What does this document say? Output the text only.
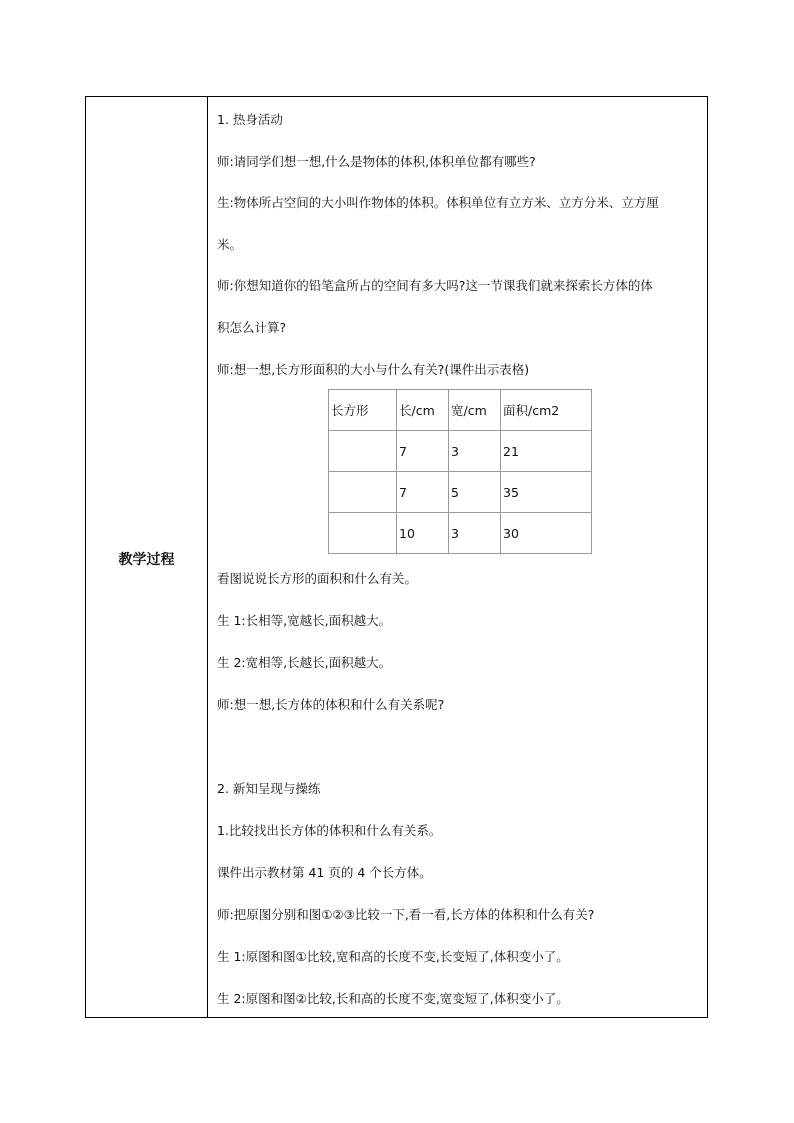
教学过程
1. 热身活动
师:请同学们想一想,什么是物体的体积,体积单位都有哪些?
生:物体所占空间的大小叫作物体的体积。体积单位有立方米、立方分米、立方厘
米。
师:你想知道你的铅笔盒所占的空间有多大吗?这一节课我们就来探索长方体的体
积怎么计算?
师:想一想,长方形面积的大小与什么有关?(课件出示表格)
长方形	长/cm	宽/cm	面积/cm2
	7	3	21
	7	5	35
	10	3	30
看图说说长方形的面积和什么有关。
生 1:长相等,宽越长,面积越大。
生 2:宽相等,长越长,面积越大。
师:想一想,长方体的体积和什么有关系呢?
2. 新知呈现与操练
1.比较找出长方体的体积和什么有关系。
课件出示教材第 41 页的 4 个长方体。
师:把原图分别和图①②③比较一下,看一看,长方体的体积和什么有关?
生 1:原图和图①比较,宽和高的长度不变,长变短了,体积变小了。
生 2:原图和图②比较,长和高的长度不变,宽变短了,体积变小了。
